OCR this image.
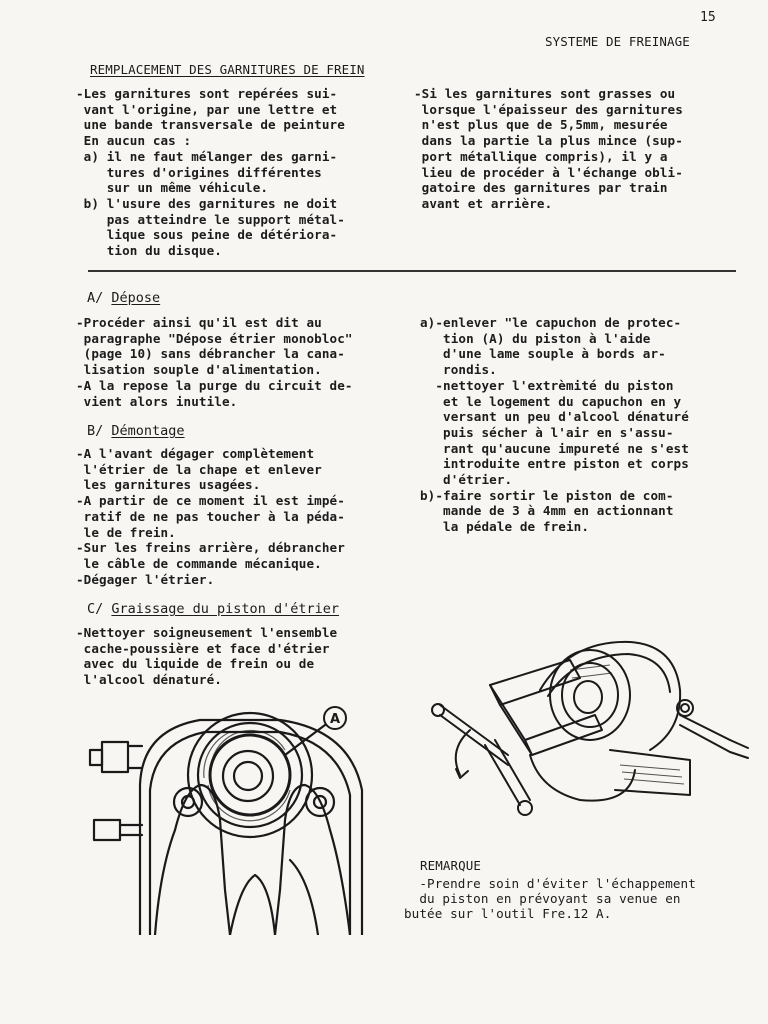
15
SYSTEME DE FREINAGE
REMPLACEMENT DES GARNITURES DE FREIN
-Les garnitures sont repérées sui-
vant l'origine, par une lettre et
une bande transversale de peinture
En aucun cas :
a) il ne faut mélanger des garni-
tures d'origines différentes
sur un même véhicule.
b) l'usure des garnitures ne doit
pas atteindre le support métal-
lique sous peine de détériora-
tion du disque.
-Si les garnitures sont grasses ou
lorsque l'épaisseur des garnitures
n'est plus que de 5,5mm, mesurée
dans la partie la plus mince (sup-
port métallique compris), il y a
lieu de procéder à l'échange obli-
gatoire des garnitures par train
avant et arrière.
A/ Dépose
-Procéder ainsi qu'il est dit au
paragraphe "Dépose étrier monobloc"
(page 10) sans débrancher la cana-
lisation souple d'alimentation.
-A la repose la purge du circuit de-
vient alors inutile.
a)-enlever "le capuchon de protec-
tion (A) du piston à l'aide
d'une lame souple à bords ar-
rondis.
-nettoyer l'extrèmité du piston
et le logement du capuchon en y
versant un peu d'alcool dénaturé
puis sécher à l'air en s'assu-
rant qu'aucune impureté ne s'est
introduite entre piston et corps
d'étrier.
b)-faire sortir le piston de com-
mande de 3 à 4mm en actionnant
la pédale de frein.
B/ Démontage
-A l'avant dégager complètement
l'étrier de la chape et enlever
les garnitures usagées.
-A partir de ce moment il est impé-
ratif de ne pas toucher à la péda-
le de frein.
-Sur les freins arrière, débrancher
le câble de commande mécanique.
-Dégager l'étrier.
C/ Graissage du piston d'étrier
-Nettoyer soigneusement l'ensemble
cache-poussière et face d'étrier
avec du liquide de frein ou de
l'alcool dénaturé.
A
REMARQUE
-Prendre soin d'éviter l'échappement
du piston en prévoyant sa venue en
butée sur l'outil Fre.12 A.
